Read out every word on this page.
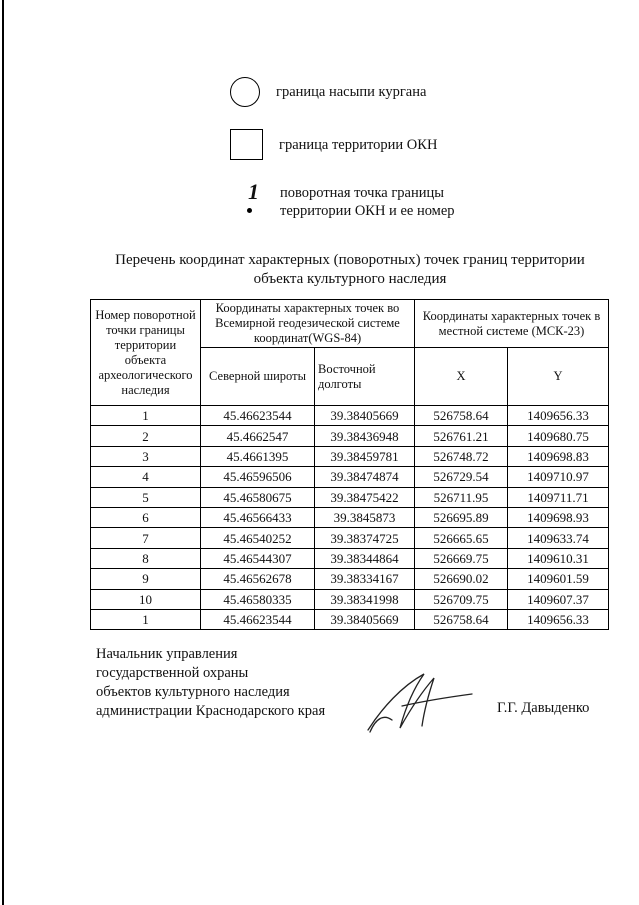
граница насыпи кургана
граница территории ОКН
1 поворотная точка границы
территории ОКН и ее номер
Перечень координат характерных (поворотных) точек границ территории
объекта культурного наследия
Номер поворотной точки границы территории объекта археологического наследия	Координаты характерных точек во Всемирной геодезической системе координат(WGS-84)		Координаты характерных точек в местной системе (МСК-23)	
	Северной широты	Восточной долготы	X	Y
1	45.46623544	39.38405669	526758.64	1409656.33
2	45.4662547	39.38436948	526761.21	1409680.75
3	45.4661395	39.38459781	526748.72	1409698.83
4	45.46596506	39.38474874	526729.54	1409710.97
5	45.46580675	39.38475422	526711.95	1409711.71
6	45.46566433	39.3845873	526695.89	1409698.93
7	45.46540252	39.38374725	526665.65	1409633.74
8	45.46544307	39.38344864	526669.75	1409610.31
9	45.46562678	39.38334167	526690.02	1409601.59
10	45.46580335	39.38341998	526709.75	1409607.37
1	45.46623544	39.38405669	526758.64	1409656.33
Начальник управления
государственной охраны
объектов культурного наследия
администрации Краснодарского края	Г.Г. Давыденко
